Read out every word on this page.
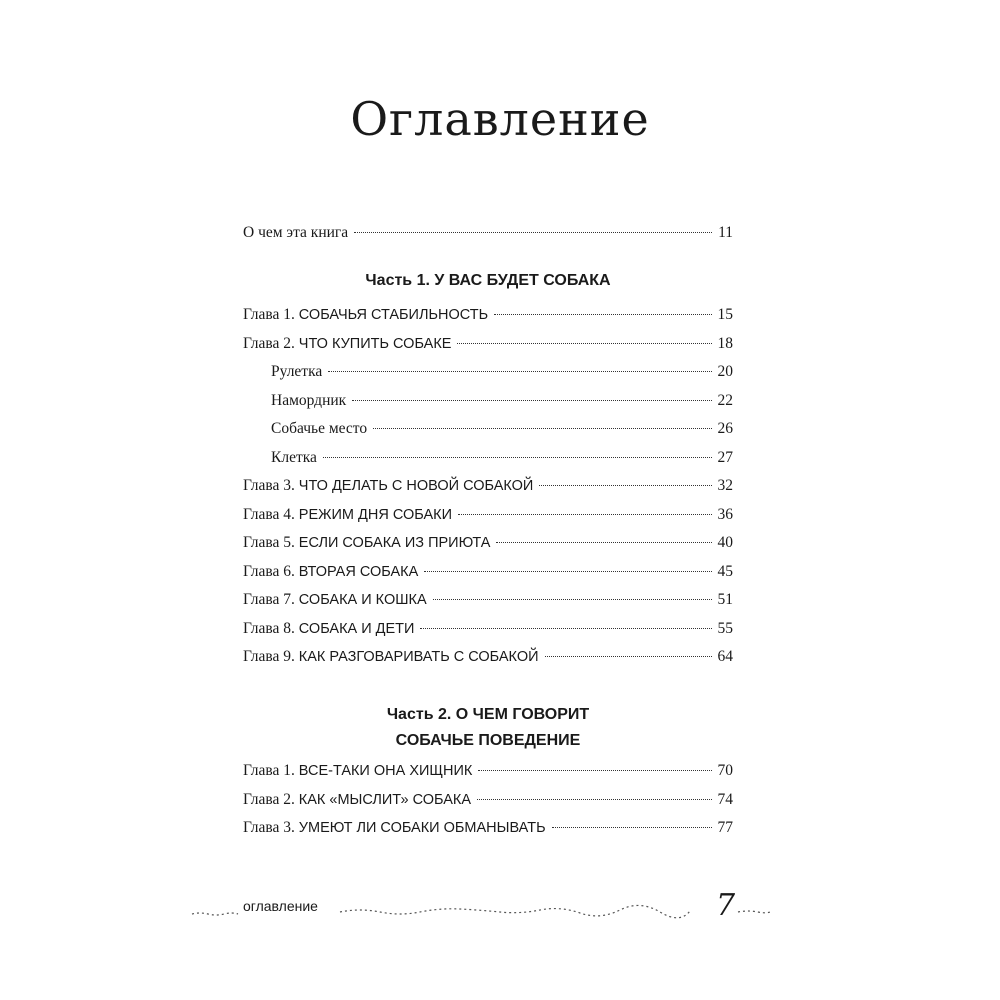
Оглавление
О чем эта книга	11
Часть 1. У ВАС БУДЕТ СОБАКА
Часть 2. О ЧЕМ ГОВОРИТ
СОБАЧЬЕ ПОВЕДЕНИЕ
Глава 1. СОБАЧЬЯ СТАБИЛЬНОСТЬ	15
Глава 2. ЧТО КУПИТЬ СОБАКЕ	18
Рулетка	20
Намордник	22
Собачье место	26
Клетка	27
Глава 3. ЧТО ДЕЛАТЬ С НОВОЙ СОБАКОЙ	32
Глава 4. РЕЖИМ ДНЯ СОБАКИ	36
Глава 5. ЕСЛИ СОБАКА ИЗ ПРИЮТА	40
Глава 6. ВТОРАЯ СОБАКА	45
Глава 7. СОБАКА И КОШКА	51
Глава 8. СОБАКА И ДЕТИ	55
Глава 9. КАК РАЗГОВАРИВАТЬ С СОБАКОЙ	64
Глава 1. ВСЕ-ТАКИ ОНА ХИЩНИК	70
Глава 2. КАК «МЫСЛИТ» СОБАКА	74
Глава 3. УМЕЮТ ЛИ СОБАКИ ОБМАНЫВАТЬ	77
оглавление	7
